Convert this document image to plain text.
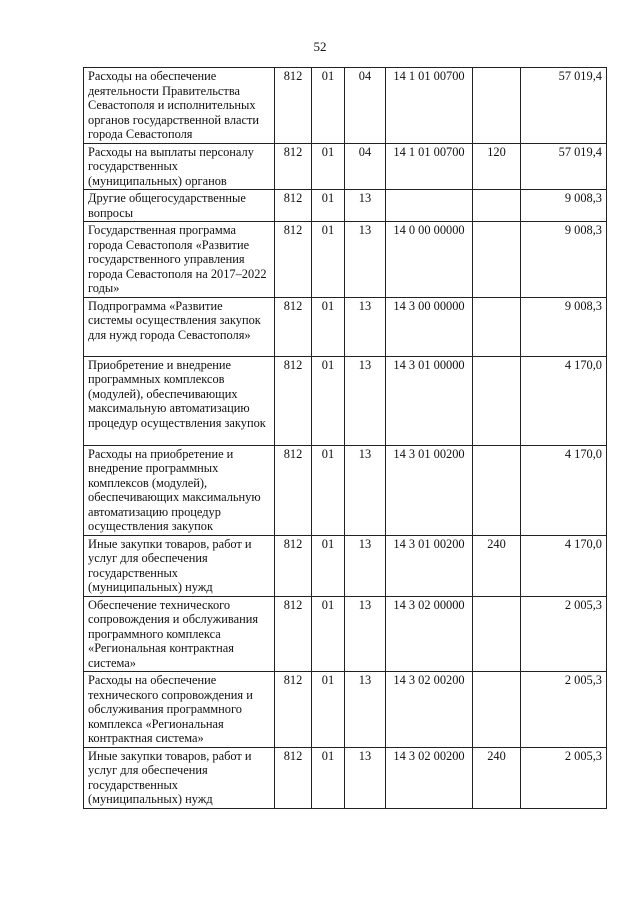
52
Расходы на обеспечение деятельности Правительства Севастополя и исполнительных органов государственной власти города Севастополя	812	01	04	14 1 01 00700		57 019,4
Расходы на выплаты персоналу государственных (муниципальных) органов	812	01	04	14 1 01 00700	120	57 019,4
Другие общегосударственные вопросы	812	01	13			9 008,3
Государственная программа города Севастополя «Развитие государственного управления города Севастополя на 2017–2022 годы»	812	01	13	14 0 00 00000		9 008,3
Подпрограмма «Развитие системы осуществления закупок для нужд города Севастополя»	812	01	13	14 3 00 00000		9 008,3
Приобретение и внедрение программных комплексов (модулей), обеспечивающих максимальную автоматизацию процедур осуществления закупок	812	01	13	14 3 01 00000		4 170,0
Расходы на приобретение и внедрение программных комплексов (модулей), обеспечивающих максимальную автоматизацию процедур осуществления закупок	812	01	13	14 3 01 00200		4 170,0
Иные закупки товаров, работ и услуг для обеспечения государственных (муниципальных) нужд	812	01	13	14 3 01 00200	240	4 170,0
Обеспечение технического сопровождения и обслуживания программного комплекса «Региональная контрактная система»	812	01	13	14 3 02 00000		2 005,3
Расходы на обеспечение технического сопровождения и обслуживания программного комплекса «Региональная контрактная система»	812	01	13	14 3 02 00200		2 005,3
Иные закупки товаров, работ и услуг для обеспечения государственных (муниципальных) нужд	812	01	13	14 3 02 00200	240	2 005,3
